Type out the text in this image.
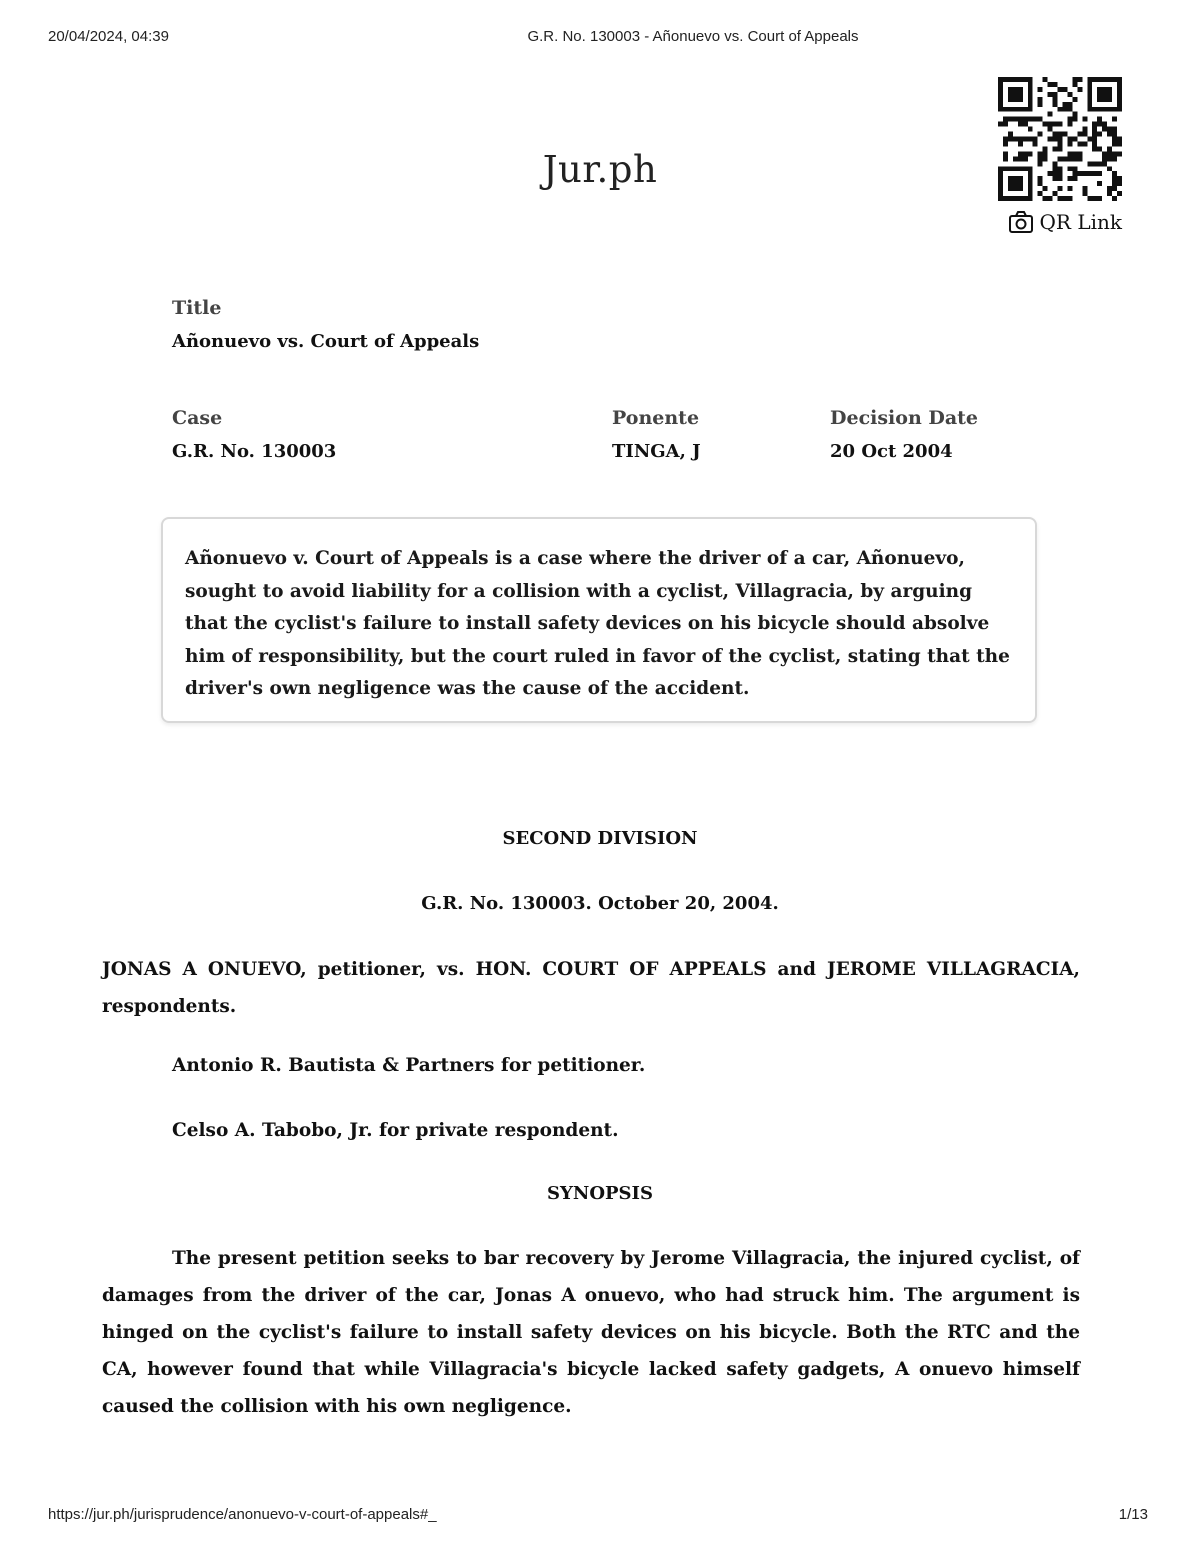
20/04/2024, 04:39	G.R. No. 130003 - Añonuevo vs. Court of Appeals
Jur.ph
QR Link
Title
Añonuevo vs. Court of Appeals
Case
G.R. No. 130003
Ponente
TINGA, J
Decision Date
20 Oct 2004
Añonuevo v. Court of Appeals is a case where the driver of a car, Añonuevo, sought to avoid liability for a collision with a cyclist, Villagracia, by arguing that the cyclist's failure to install safety devices on his bicycle should absolve him of responsibility, but the court ruled in favor of the cyclist, stating that the driver's own negligence was the cause of the accident.
SECOND DIVISION
G.R. No. 130003. October 20, 2004.
JONAS A ONUEVO, petitioner, vs. HON. COURT OF APPEALS and JEROME VILLAGRACIA, respondents.
Antonio R. Bautista & Partners for petitioner.
Celso A. Tabobo, Jr. for private respondent.
SYNOPSIS
The present petition seeks to bar recovery by Jerome Villagracia, the injured cyclist, of damages from the driver of the car, Jonas A onuevo, who had struck him. The argument is hinged on the cyclist's failure to install safety devices on his bicycle. Both the RTC and the CA, however found that while Villagracia's bicycle lacked safety gadgets, A onuevo himself caused the collision with his own negligence.
https://jur.ph/jurisprudence/anonuevo-v-court-of-appeals#_	1/13
